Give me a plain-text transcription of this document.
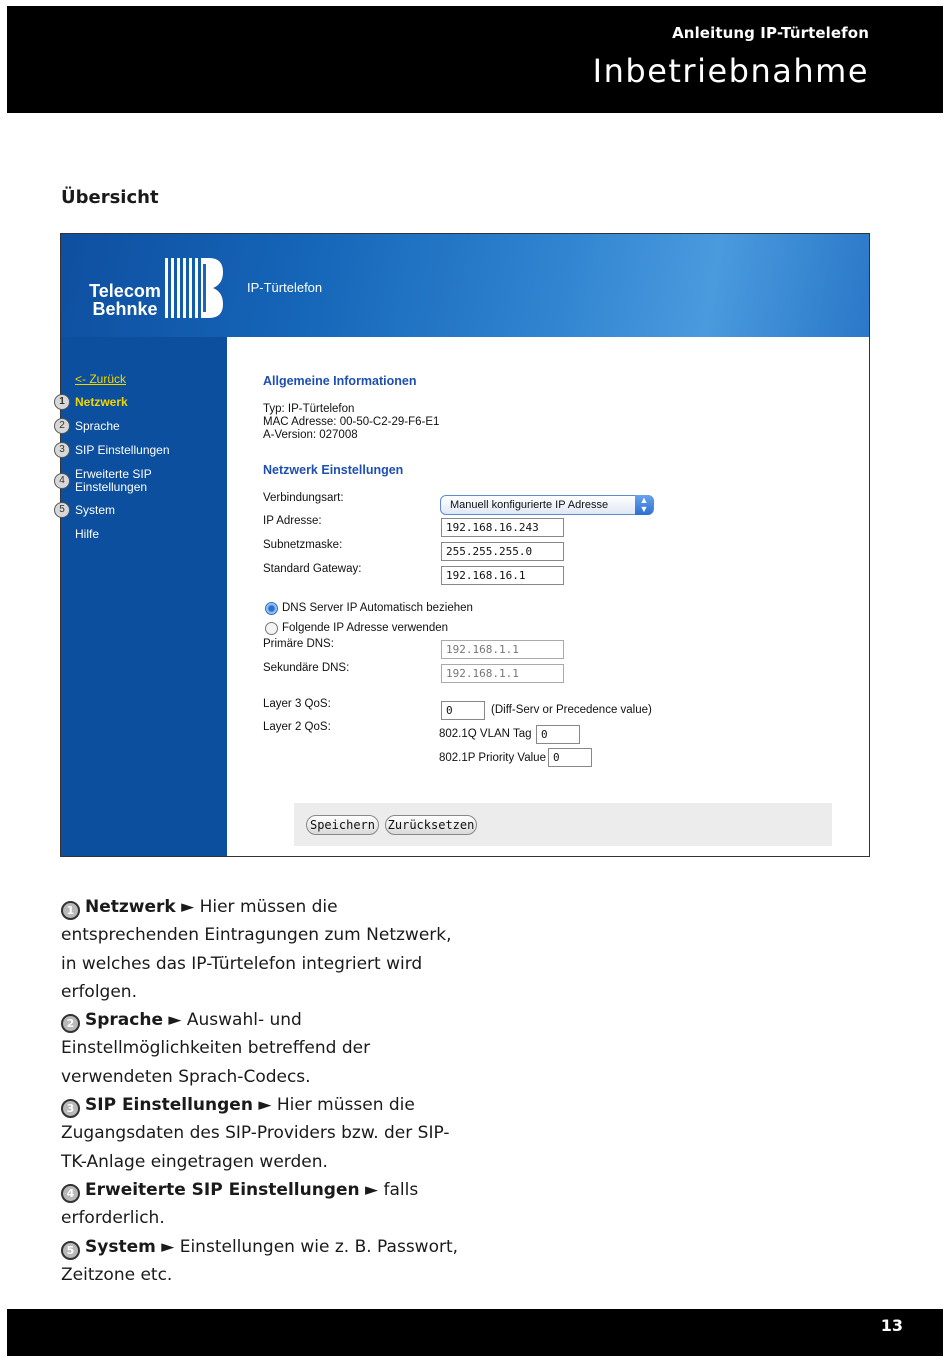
Anleitung IP-Türtelefon
Inbetriebnahme
Übersicht
Telecom
Behnke
IP-Türtelefon
<- Zurück
1 Netzwerk
2 Sprache
3 SIP Einstellungen
4 Erweiterte SIP
Einstellungen
5 System
Hilfe
Allgemeine Informationen
Typ: IP-Türtelefon
MAC Adresse: 00-50-C2-29-F6-E1
A-Version: 027008
Netzwerk Einstellungen
Verbindungsart:
Manuell konfigurierte IP Adresse	▲
▼
IP Adresse:	192.168.16.243
Subnetzmaske:	255.255.255.0
Standard Gateway:	192.168.16.1
DNS Server IP Automatisch beziehen
Folgende IP Adresse verwenden
Primäre DNS:	192.168.1.1
Sekundäre DNS:	192.168.1.1
Layer 3 QoS:	0	(Diff-Serv or Precedence value)
Layer 2 QoS:
802.1Q VLAN Tag 0
802.1P Priority Value 0
Speichern	Zurücksetzen
1 Netzwerk ► Hier müssen die entsprechenden Eintragungen zum Netzwerk, in welches das IP-Türtelefon integriert wird erfolgen.
2 Sprache ► Auswahl- und Einstellmöglichkeiten betreffend der verwendeten Sprach-Codecs.
3 SIP Einstellungen ► Hier müssen die Zugangsdaten des SIP-Providers bzw. der SIP-TK-Anlage eingetragen werden.
4 Erweiterte SIP Einstellungen ► falls erforderlich.
5 System ► Einstellungen wie z. B. Passwort, Zeitzone etc.
13
